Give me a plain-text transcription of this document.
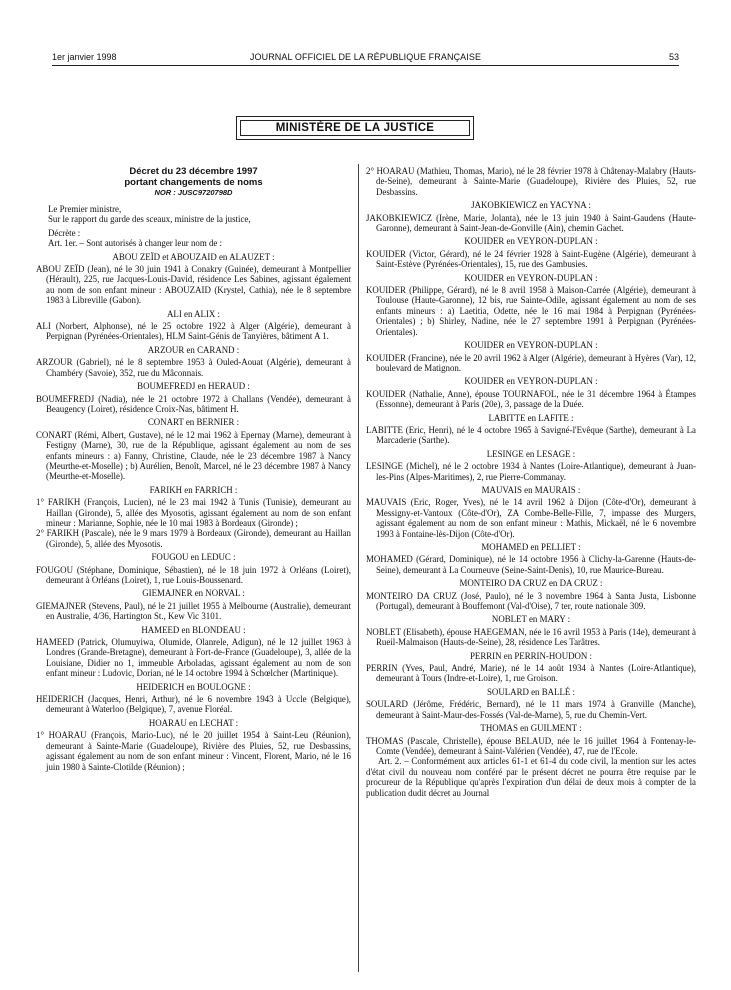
1er janvier 1998	JOURNAL OFFICIEL DE LA RÉPUBLIQUE FRANÇAISE	53
MINISTÈRE DE LA JUSTICE
Décret du 23 décembre 1997
portant changements de noms
NOR : JUSC9720798D

Le Premier ministre,

Sur le rapport du garde des sceaux, ministre de la justice,

Décrète :

Art. 1er. – Sont autorisés à changer leur nom de :

ABOU ZEÏD et ABOUZAID en ALAUZET :

ABOU ZEÏD (Jean), né le 30 juin 1941 à Conakry (Guinée), demeurant à Montpellier (Hérault), 225, rue Jacques-Louis-David, résidence Les Sabines, agissant également au nom de son enfant mineur : ABOUZAID (Krystel, Cathia), née le 8 septembre 1983 à Libreville (Gabon).

ALI en ALIX :

ALI (Norbert, Alphonse), né le 25 octobre 1922 à Alger (Algérie), demeurant à Perpignan (Pyrénées-Orientales), HLM Saint-Génis de Tanyières, bâtiment A 1.

ARZOUR en CARAND :

ARZOUR (Gabriel), né le 8 septembre 1953 à Ouled-Aouat (Algérie), demeurant à Chambéry (Savoie), 352, rue du Mâconnais.

BOUMEFREDJ en HERAUD :

BOUMEFREDJ (Nadia), née le 21 octobre 1972 à Challans (Vendée), demeurant à Beaugency (Loiret), résidence Croix-Nas, bâtiment H.

CONART en BERNIER :

CONART (Rémi, Albert, Gustave), né le 12 mai 1962 à Epernay (Marne), demeurant à Festigny (Marne), 30, rue de la République, agissant également au nom de ses enfants mineurs : a) Fanny, Christine, Claude, née le 23 décembre 1987 à Nancy (Meurthe-et-Moselle) ; b) Aurélien, Benoît, Marcel, né le 23 décembre 1987 à Nancy (Meurthe-et-Moselle).

FARIKH en FARRICH :

1° FARIKH (François, Lucien), né le 23 mai 1942 à Tunis (Tunisie), demeurant au Haillan (Gironde), 5, allée des Myosotis, agissant également au nom de son enfant mineur : Marianne, Sophie, née le 10 mai 1983 à Bordeaux (Gironde) ;

2° FARIKH (Pascale), née le 9 mars 1979 à Bordeaux (Gironde), demeurant au Haillan (Gironde), 5, allée des Myosotis.

FOUGOU en LEDUC :

FOUGOU (Stéphane, Dominique, Sébastien), né le 18 juin 1972 à Orléans (Loiret), demeurant à Orléans (Loiret), 1, rue Louis-Boussenard.

GIEMAJNER en NORVAL :

GIEMAJNER (Stevens, Paul), né le 21 juillet 1955 à Melbourne (Australie), demeurant en Australie, 4/36, Hartington St., Kew Vic 3101.

HAMEED en BLONDEAU :

HAMEED (Patrick, Olumuyiwa, Olumide, Olanrele, Adigun), né le 12 juillet 1963 à Londres (Grande-Bretagne), demeurant à Fort-de-France (Guadeloupe), 3, allée de la Louisiane, Didier no 1, immeuble Arboladas, agissant également au nom de son enfant mineur : Ludovic, Dorian, né le 14 octobre 1994 à Schœlcher (Martinique).

HEIDERICH en BOULOGNE :

HEIDERICH (Jacques, Henri, Arthur), né le 6 novembre 1943 à Uccle (Belgique), demeurant à Waterloo (Belgique), 7, avenue Floréal.

HOARAU en LECHAT :

1° HOARAU (François, Mario-Luc), né le 20 juillet 1954 à Saint-Leu (Réunion), demeurant à Sainte-Marie (Guadeloupe), Rivière des Pluies, 52, rue Desbassins, agissant également au nom de son enfant mineur : Vincent, Florent, Mario, né le 16 juin 1980 à Sainte-Clotilde (Réunion) ;

2° HOARAU (Mathieu, Thomas, Mario), né le 28 février 1978 à Châtenay-Malabry (Hauts-de-Seine), demeurant à Sainte-Marie (Guadeloupe), Rivière des Pluies, 52, rue Desbassins.

JAKOBKIEWICZ en YACYNA :

JAKOBKIEWICZ (Irène, Marie, Jolanta), née le 13 juin 1940 à Saint-Gaudens (Haute-Garonne), demeurant à Saint-Jean-de-Gonville (Ain), chemin Gachet.

KOUIDER en VEYRON-DUPLAN :

KOUIDER (Victor, Gérard), né le 24 février 1928 à Saint-Eugène (Algérie), demeurant à Saint-Estève (Pyrénées-Orientales), 15, rue des Gambusies.

KOUIDER en VEYRON-DUPLAN :

KOUIDER (Philippe, Gérard), né le 8 avril 1958 à Maison-Carrée (Algérie), demeurant à Toulouse (Haute-Garonne), 12 bis, rue Sainte-Odile, agissant également au nom de ses enfants mineurs : a) Laetitia, Odette, née le 16 mai 1984 à Perpignan (Pyrénées-Orientales) ; b) Shirley, Nadine, née le 27 septembre 1991 à Perpignan (Pyrénées-Orientales).

KOUIDER en VEYRON-DUPLAN :

KOUIDER (Francine), née le 20 avril 1962 à Alger (Algérie), demeurant à Hyères (Var), 12, boulevard de Matignon.

KOUIDER en VEYRON-DUPLAN :

KOUIDER (Nathalie, Anne), épouse TOURNAFOL, née le 31 décembre 1964 à Étampes (Essonne), demeurant à Paris (20e), 3, passage de la Duée.

LABITTE en LAFITE :

LABITTE (Eric, Henri), né le 4 octobre 1965 à Savigné-l'Evêque (Sarthe), demeurant à La Marcaderie (Sarthe).

LESINGE en LESAGE :

LESINGE (Michel), né le 2 octobre 1934 à Nantes (Loire-Atlantique), demeurant à Juan-les-Pins (Alpes-Maritimes), 2, rue Pierre-Commanay.

MAUVAIS en MAURAIS :

MAUVAIS (Eric, Roger, Yves), né le 14 avril 1962 à Dijon (Côte-d'Or), demeurant à Messigny-et-Vantoux (Côte-d'Or), ZA Combe-Belle-Fille, 7, impasse des Murgers, agissant également au nom de son enfant mineur : Mathis, Mickaël, né le 6 novembre 1993 à Fontaine-lès-Dijon (Côte-d'Or).

MOHAMED en PELLIET :

MOHAMED (Gérard, Dominique), né le 14 octobre 1956 à Clichy-la-Garenne (Hauts-de-Seine), demeurant à La Courneuve (Seine-Saint-Denis), 10, rue Maurice-Bureau.

MONTEIRO DA CRUZ en DA CRUZ :

MONTEIRO DA CRUZ (José, Paulo), né le 3 novembre 1964 à Santa Justa, Lisbonne (Portugal), demeurant à Bouffemont (Val-d'Oise), 7 ter, route nationale 309.

NOBLET en MARY :

NOBLET (Elisabeth), épouse HAEGEMAN, née le 16 avril 1953 à Paris (14e), demeurant à Rueil-Malmaison (Hauts-de-Seine), 28, résidence Les Tarâtres.

PERRIN en PERRIN-HOUDON :

PERRIN (Yves, Paul, André, Marie), né le 14 août 1934 à Nantes (Loire-Atlantique), demeurant à Tours (Indre-et-Loire), 1, rue Groison.

SOULARD en BALLÉ :

SOULARD (Jérôme, Frédéric, Bernard), né le 11 mars 1974 à Granville (Manche), demeurant à Saint-Maur-des-Fossés (Val-de-Marne), 5, rue du Chemin-Vert.

THOMAS en GUILMENT :

THOMAS (Pascale, Christelle), épouse BELAUD, née le 16 juillet 1964 à Fontenay-le-Comte (Vendée), demeurant à Saint-Valérien (Vendée), 47, rue de l'Ecole.

Art. 2. – Conformément aux articles 61-1 et 61-4 du code civil, la mention sur les actes d'état civil du nouveau nom conféré par le présent décret ne pourra être requise par le procureur de la République qu'après l'expiration d'un délai de deux mois à compter de la publication dudit décret au Journal
